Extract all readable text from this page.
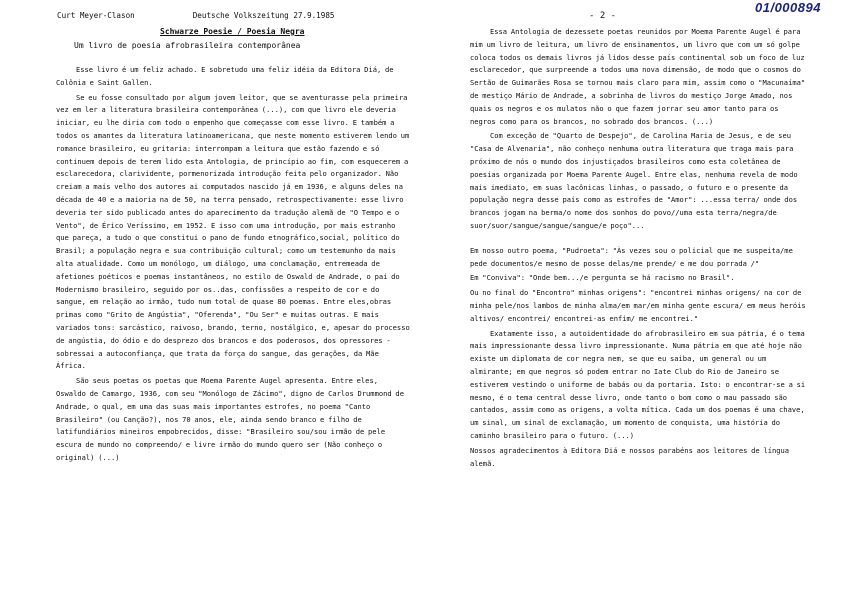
Curt Meyer-Clason	Deutsche Volkszeitung 27.9.1985
01/000894
- 2 -
Schwarze Poesie / Poesia Negra
Um livro de poesia afrobrasileira contemporânea

Esse livro é um feliz achado. E sobretudo uma feliz idéia da Editora Diá, de Colônia e Saint Gallen.

Se eu fosse consultado por algum jovem leitor, que se aventurasse pela primeira vez em ler a literatura brasileira contemporânea (...), com que livro ele deveria iniciar, eu lhe diria com todo o empenho que começasse com esse livro. E também a todos os amantes da literatura latinoamericana, que neste momento estiverem lendo um romance brasileiro, eu gritaria: interrompam a leitura que estão fazendo e só continuem depois de terem lido esta Antologia, de princípio ao fim, com esquecerem a esclarecedora, clarividente, pormenorizada introdução feita pelo organizador. Não creiam a mais velho dos autores ai computados nascido já em 1936, e alguns deles na década de 40 e a maioria na de 50, na terra pensado, retrospectivamente: esse livro deveria ter sido publicado antes do aparecimento da tradução alemã de "O Tempo e o Vento", de Érico Veríssimo, em 1952. E isso com uma introdução, por mais estranho que pareça, a tudo o que constitui o pano de fundo etnográfico,social, político do Brasil; a população negra e sua contribuição cultural; como um testemunho da mais alta atualidade. Como um monólogo, um diálogo, uma conclamação, entremeada de afetiones poéticos e poemas instantâneos, no estilo de Oswald de Andrade, o pai do Modernismo brasileiro, seguido por os..das, confissões a respeito de cor e do sangue, em relação ao irmão, tudo num total de quase 80 poemas. Entre eles,obras primas como "Grito de Angústia", "Oferenda", "Ou Ser" e muitas outras. E mais variados tons: sarcástico, raivoso, brando, terno, nostálgico, e, apesar do processo de angústia, do ódio e do desprezo dos brancos e dos poderosos, dos opressores - sobressai a autoconfiança, que trata da força do sangue, das gerações, da Mãe África.

São seus poetas os poetas que Moema Parente Augel apresenta. Entre eles, Oswaldo de Camargo, 1936, com seu "Monólogo de Zácimo", digno de Carlos Drummond de Andrade, o qual, em uma das suas mais importantes estrofes, no poema "Canto Brasileiro" (ou Canção?), nos 70 anos, ele, ainda sendo branco e filho de latifundiários mineiros empobrecidos, disse: "Brasileiro sou/sou irmão de pele escura de mundo no compreendo/ e livre irmão do mundo quero ser (Não conheço o original) (...)

Essa Antologia de dezessete poetas reunidos por Moema Parente Augel é para mim um livro de leitura, um livro de ensinamentos, um livro que com um só golpe coloca todos os demais livros já lidos desse país continental sob um foco de luz esclarecedor, que surpreende a todos uma nova dimensão, de modo que o cosmos do Sertão de Guimarães Rosa se tornou mais claro para mim, assim como o "Macunaíma" de mestiço Mário de Andrade, a sobrinha de livros do mestiço Jorge Amado, nos quais os negros e os mulatos não o que fazem jorrar seu amor tanto para os negros como para os brancos, no sobrado dos brancos. (...)

Com exceção de "Quarto de Despejo", de Carolina Maria de Jesus, e de seu "Casa de Alvenaria", não conheço nenhuma outra literatura que traga mais para próximo de nós o mundo dos injustiçados brasileiros como esta coletânea de poesias organizada por Moema Parente Augel. Entre elas, nenhuma revela de modo mais imediato, em suas lacônicas linhas, o passado, o futuro e o presente da população negra desse país como as estrofes de "Amor": ...essa terra/ onde dos brancos jogam na berma/o nome dos sonhos do povo//uma esta terra/negra/de suor/suor/sangue/sangue/sangue/e poço"...

Em nosso outro poema, "Pudroeta": "Às vezes sou o policial que me suspeita/me pede documentos/e mesmo de posse delas/me prende/ e me dou porrada /"

Em "Conviva": "Onde bem.../e pergunta se há racismo no Brasil".

Ou no final do "Encontro" minhas origens": "encontrei minhas origens/ na cor de minha pele/nos lambos de minha alma/em mar/em minha gente escura/ em meus heróis altivos/ encontrei/ encontrei-as enfim/ me encontrei."

Exatamente isso, a autoidentidade do afrobrasileiro em sua pátria, é o tema mais impressionante dessa livro impressionante. Numa pátria em que até hoje não existe um diplomata de cor negra nem, se que eu saiba, um general ou um almirante; em que negros só podem entrar no Iate Club do Rio de Janeiro se estiverem vestindo o uniforme de babás ou da portaria. Isto: o encontrar-se a si mesmo, é o tema central desse livro, onde tanto o bom como o mau passado são cantados, assim como as origens, a volta mítica. Cada um dos poemas é uma chave, um sinal, um sinal de exclamação, um momento de conquista, uma história do caminho brasileiro para o futuro. (...)

Nossos agradecimentos à Editora Diá e nossos parabéns aos leitores de língua alemã.
